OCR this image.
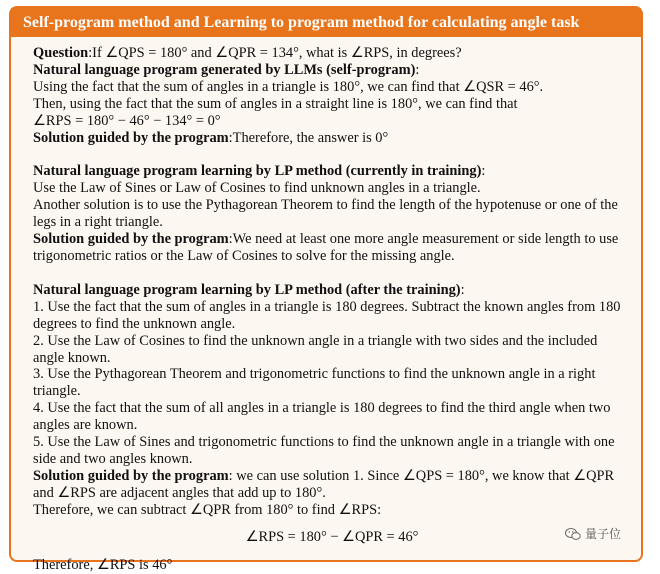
Self-program method and Learning to program method for calculating angle task

Question:If ∠QPS = 180° and ∠QPR = 134°, what is ∠RPS, in degrees?

Natural language program generated by LLMs (self-program):

Using the fact that the sum of angles in a triangle is 180°, we can find that ∠QSR = 46°.

Then, using the fact that the sum of angles in a straight line is 180°, we can find that

∠RPS = 180° − 46° − 134° = 0°

Solution guided by the program:Therefore, the answer is 0°

Natural language program learning by LP method (currently in training):

Use the Law of Sines or Law of Cosines to find unknown angles in a triangle.

Another solution is to use the Pythagorean Theorem to find the length of the hypotenuse or one of the legs in a right triangle.

Solution guided by the program:We need at least one more angle measurement or side length to use trigonometric ratios or the Law of Cosines to solve for the missing angle.

Natural language program learning by LP method (after the training):

1. Use the fact that the sum of angles in a triangle is 180 degrees. Subtract the known angles from 180 degrees to find the unknown angle.

2. Use the Law of Cosines to find the unknown angle in a triangle with two sides and the included angle known.

3. Use the Pythagorean Theorem and trigonometric functions to find the unknown angle in a right triangle.

4. Use the fact that the sum of all angles in a triangle is 180 degrees to find the third angle when two angles are known.

5. Use the Law of Sines and trigonometric functions to find the unknown angle in a triangle with one side and two angles known.

Solution guided by the program: we can use solution 1. Since ∠QPS = 180°, we know that ∠QPR and ∠RPS are adjacent angles that add up to 180°.

Therefore, we can subtract ∠QPR from 180° to find ∠RPS:

∠RPS = 180° − ∠QPR = 46°

Therefore, ∠RPS is 46°

量子位
